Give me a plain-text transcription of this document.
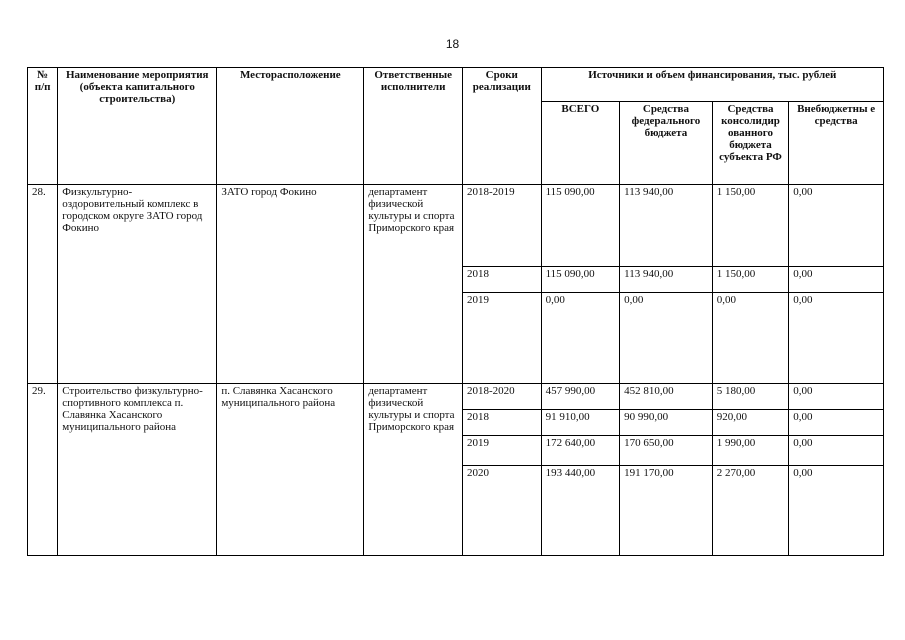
18
№ п/п	Наименование мероприятия (объекта капитального строительства)	Месторасположение	Ответственные исполнители	Сроки реализации	Источники и объем финансирования, тыс. рублей			
					ВСЕГО	Средства федерального бюджета	Средства консолидир ованного бюджета субъекта РФ	Внебюджетны е средства
28.	Физкультурно- оздоровительный комплекс в городском округе ЗАТО город Фокино	ЗАТО город Фокино	департамент физической культуры и спорта Приморского края	2018-2019	115 090,00	113 940,00	1 150,00	0,00
				2018	115 090,00	113 940,00	1 150,00	0,00
				2019	0,00	0,00	0,00	0,00
29.	Строительство физкультурно-спортивного комплекса п. Славянка Хасанского муниципального района	п. Славянка Хасанского муниципального района	департамент физической культуры и спорта Приморского края	2018-2020	457 990,00	452 810,00	5 180,00	0,00
				2018	91 910,00	90 990,00	920,00	0,00
				2019	172 640,00	170 650,00	1 990,00	0,00
				2020	193 440,00	191 170,00	2 270,00	0,00
